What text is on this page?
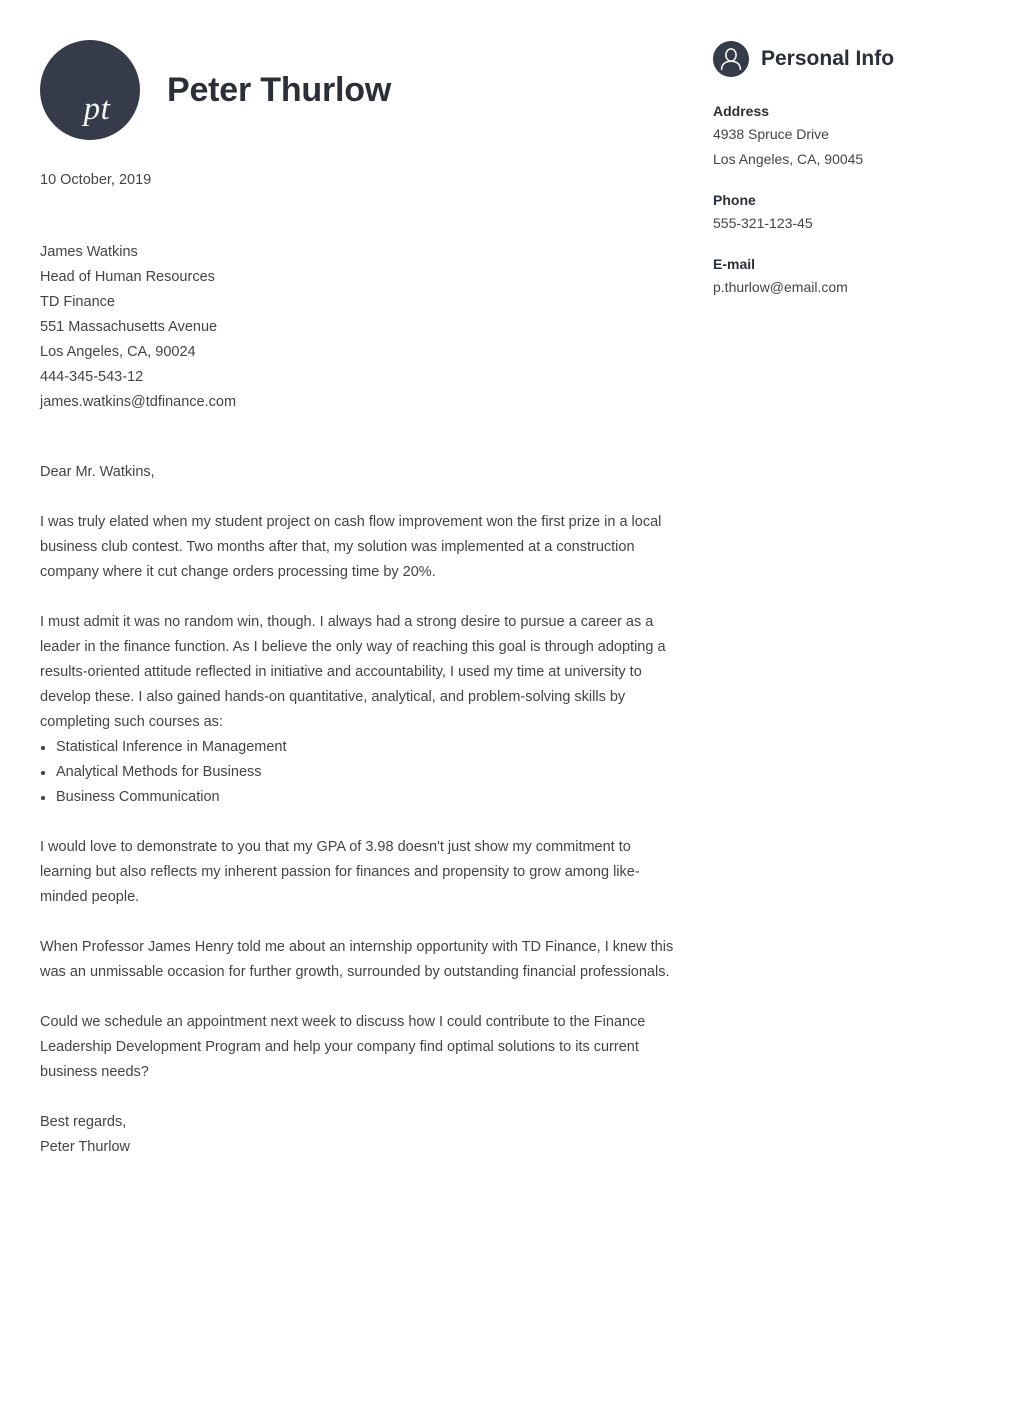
pt
Peter Thurlow
10 October, 2019
James Watkins
Head of Human Resources
TD Finance
551 Massachusetts Avenue
Los Angeles, CA, 90024
444-345-543-12
james.watkins@tdfinance.com
Dear Mr. Watkins,
I was truly elated when my student project on cash flow improvement won the first prize in a local business club contest. Two months after that, my solution was implemented at a construction company where it cut change orders processing time by 20%.
I must admit it was no random win, though. I always had a strong desire to pursue a career as a leader in the finance function. As I believe the only way of reaching this goal is through adopting a results-oriented attitude reflected in initiative and accountability, I used my time at university to develop these. I also gained hands-on quantitative, analytical, and problem-solving skills by completing such courses as:
Statistical Inference in Management
Analytical Methods for Business
Business Communication
I would love to demonstrate to you that my GPA of 3.98 doesn't just show my commitment to learning but also reflects my inherent passion for finances and propensity to grow among like-minded people.
When Professor James Henry told me about an internship opportunity with TD Finance, I knew this was an unmissable occasion for further growth, surrounded by outstanding financial professionals.
Could we schedule an appointment next week to discuss how I could contribute to the Finance Leadership Development Program and help your company find optimal solutions to its current business needs?
Best regards,
Peter Thurlow
Personal Info
Address
4938 Spruce Drive
Los Angeles, CA, 90045
Phone
555-321-123-45
E-mail
p.thurlow@email.com
